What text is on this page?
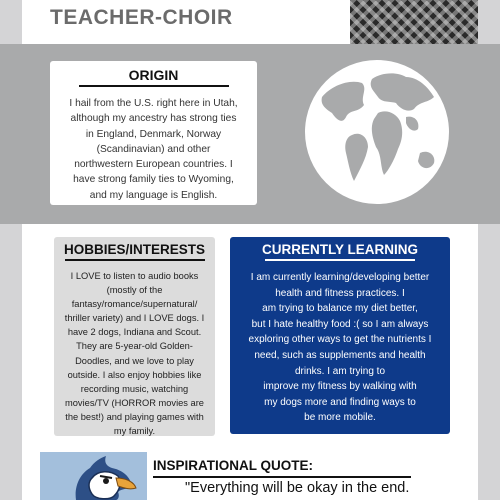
TEACHER-CHOIR
ORIGIN

I hail from the U.S. right here in Utah,
although my ancestry has strong ties
in England, Denmark, Norway
(Scandinavian) and other
northwestern European countries. I
have strong family ties to Wyoming,
and my language is English.

HOBBIES/INTERESTS

I LOVE to listen to audio books
(mostly of the
fantasy/romance/supernatural/
thriller variety) and I LOVE dogs. I
have 2 dogs, Indiana and Scout.
They are 5-year-old Golden-
Doodles, and we love to play
outside. I also enjoy hobbies like
recording music, watching
movies/TV (HORROR movies are
the best!) and playing games with
my family.

CURRENTLY LEARNING

I am currently learning/developing better
health and fitness practices. I
am trying to balance my diet better,
but I hate healthy food :( so I am always
exploring other ways to get the nutrients I
need, such as supplements and health
drinks. I am trying to
improve my fitness by walking with
my dogs more and finding ways to
be more mobile.

INSPIRATIONAL QUOTE:

"Everything will be okay in the end.
